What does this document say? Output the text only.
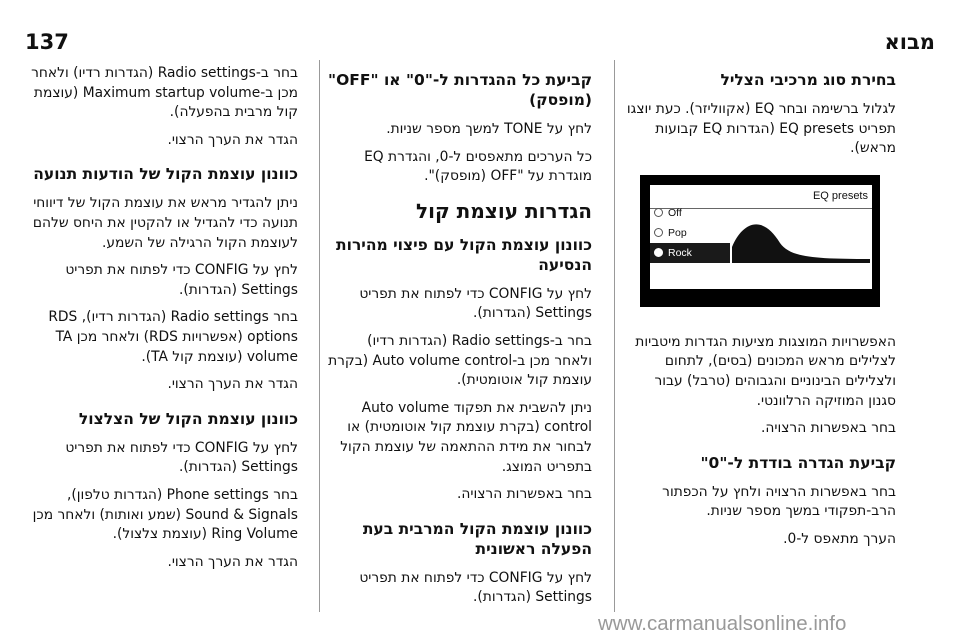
137	מבוא
בחירת סוג מרכיבי הצליל

לגלול ברשימה ובחר EQ (אקווליזר). כעת יוצגו תפריט EQ presets (הגדרות EQ קבועות מראש).

EQ presets
Off
Pop
Rock

האפשרויות המוצגות מציעות הגדרות מיטביות לצלילים מראש המכונים (בסים), לתחום ולצלילים הבינוניים והגבוהים (טרבל) עבור סגנון המוזיקה הרלוונטי.

בחר באפשרות הרצויה.

קביעת הגדרה בודדת ל-"0"

בחר באפשרות הרצויה ולחץ על הכפתור הרב-תפקודי במשך מספר שניות.

הערך מתאפס ל-0.

קביעת כל ההגדרות ל-"0" או "OFF" (מופסק)

לחץ על TONE למשך מספר שניות.

כל הערכים מתאפסים ל-0, והגדרת EQ מוגדרת על "OFF (מופסק)".

הגדרות עוצמת קול
כוונון עוצמת הקול עם פיצוי מהירות הנסיעה

לחץ על CONFIG כדי לפתוח את תפריט Settings (הגדרות).

בחר ב-Radio settings (הגדרות רדיו) ולאחר מכן ב-Auto volume control (בקרת עוצמת קול אוטומטית).

ניתן להשבית את תפקוד Auto volume control (בקרת עוצמת קול אוטומטית) או לבחור את מידת ההתאמה של עוצמת הקול בתפריט המוצג.

בחר באפשרות הרצויה.

כוונון עוצמת הקול המרבית בעת הפעלה ראשונית

לחץ על CONFIG כדי לפתוח את תפריט Settings (הגדרות).

בחר ב-Radio settings (הגדרות רדיו) ולאחר מכן ב-Maximum startup volume (עוצמת קול מרבית בהפעלה).

הגדר את הערך הרצוי.

כוונון עוצמת הקול של הודעות תנועה

ניתן להגדיר מראש את עוצמת הקול של דיווחי תנועה כדי להגדיל או להקטין את היחס שלהם לעוצמת הקול הרגילה של השמע.

לחץ על CONFIG כדי לפתוח את תפריט Settings (הגדרות).

בחר Radio settings (הגדרות רדיו), RDS options (אפשרויות RDS) ולאחר מכן TA volume (עוצמת קול TA).

הגדר את הערך הרצוי.

כוונון עוצמת הקול של הצלצול

לחץ על CONFIG כדי לפתוח את תפריט Settings (הגדרות).

בחר Phone settings (הגדרות טלפון), Sound & Signals (שמע ואותות) ולאחר מכן Ring Volume (עוצמת צלצול).

הגדר את הערך הרצוי.

www.carmanualsonline.info
